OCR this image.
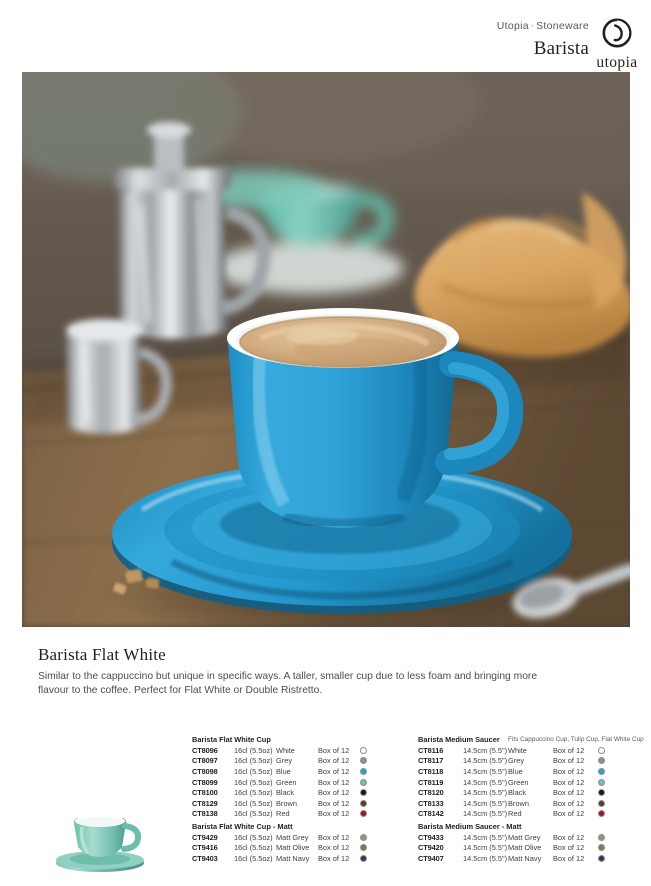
Utopia ◦ Stoneware
Barista
utopia
Barista Flat White

Similar to the cappuccino but unique in specific ways. A taller, smaller cup due to less foam and bringing more flavour to the coffee. Perfect for Flat White or Double Ristretto.

Barista Flat White Cup				
CT8096	16cl (5.5oz)	White	Box of 12	
CT8097	16cl (5.5oz)	Grey	Box of 12	
CT8098	16cl (5.5oz)	Blue	Box of 12	
CT8099	16cl (5.5oz)	Green	Box of 12	
CT8100	16cl (5.5oz)	Black	Box of 12	
CT8129	16cl (5.5oz)	Brown	Box of 12	
CT8138	16cl (5.5oz)	Red	Box of 12	
Barista Flat White Cup - Matt				
CT9429	16cl (5.5oz)	Matt Grey	Box of 12	
CT9416	16cl (5.5oz)	Matt Olive	Box of 12	
CT9403	16cl (5.5oz)	Matt Navy	Box of 12	
Barista Medium Saucer		Fits Cappuccino Cup, Tulip Cup, Flat White Cup		
CT8116	14.5cm (5.5")	White	Box of 12	
CT8117	14.5cm (5.5")	Grey	Box of 12	
CT8118	14.5cm (5.5")	Blue	Box of 12	
CT8119	14.5cm (5.5")	Green	Box of 12	
CT8120	14.5cm (5.5")	Black	Box of 12	
CT8133	14.5cm (5.5")	Brown	Box of 12	
CT8142	14.5cm (5.5")	Red	Box of 12	
Barista Medium Saucer - Matt				
CT9433	14.5cm (5.5")	Matt Grey	Box of 12	
CT9420	14.5cm (5.5")	Matt Olive	Box of 12	
CT9407	14.5cm (5.5")	Matt Navy	Box of 12	
